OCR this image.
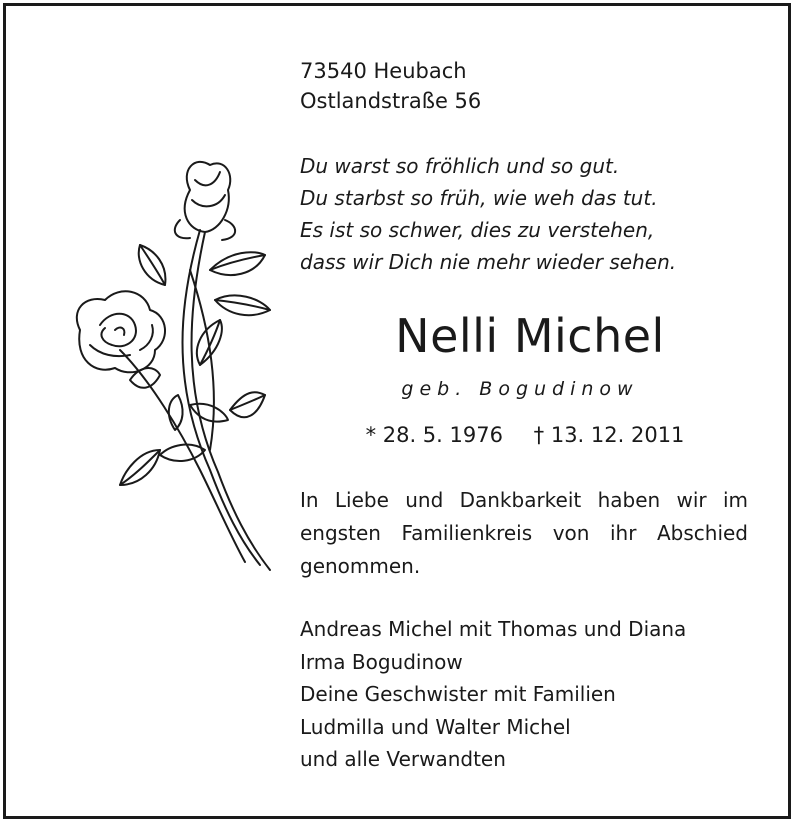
73540 Heubach
Ostlandstraße 56
Du warst so fröhlich und so gut.
Du starbst so früh, wie weh das tut.
Es ist so schwer, dies zu verstehen,
dass wir Dich nie mehr wieder sehen.
Nelli Michel
geb. Bogudinow
* 28. 5. 1976 † 13. 12. 2011
In Liebe und Dankbarkeit haben wir im engsten Familienkreis von ihr Abschied genommen.
Andreas Michel mit Thomas und Diana
Irma Bogudinow
Deine Geschwister mit Familien
Ludmilla und Walter Michel
und alle Verwandten
